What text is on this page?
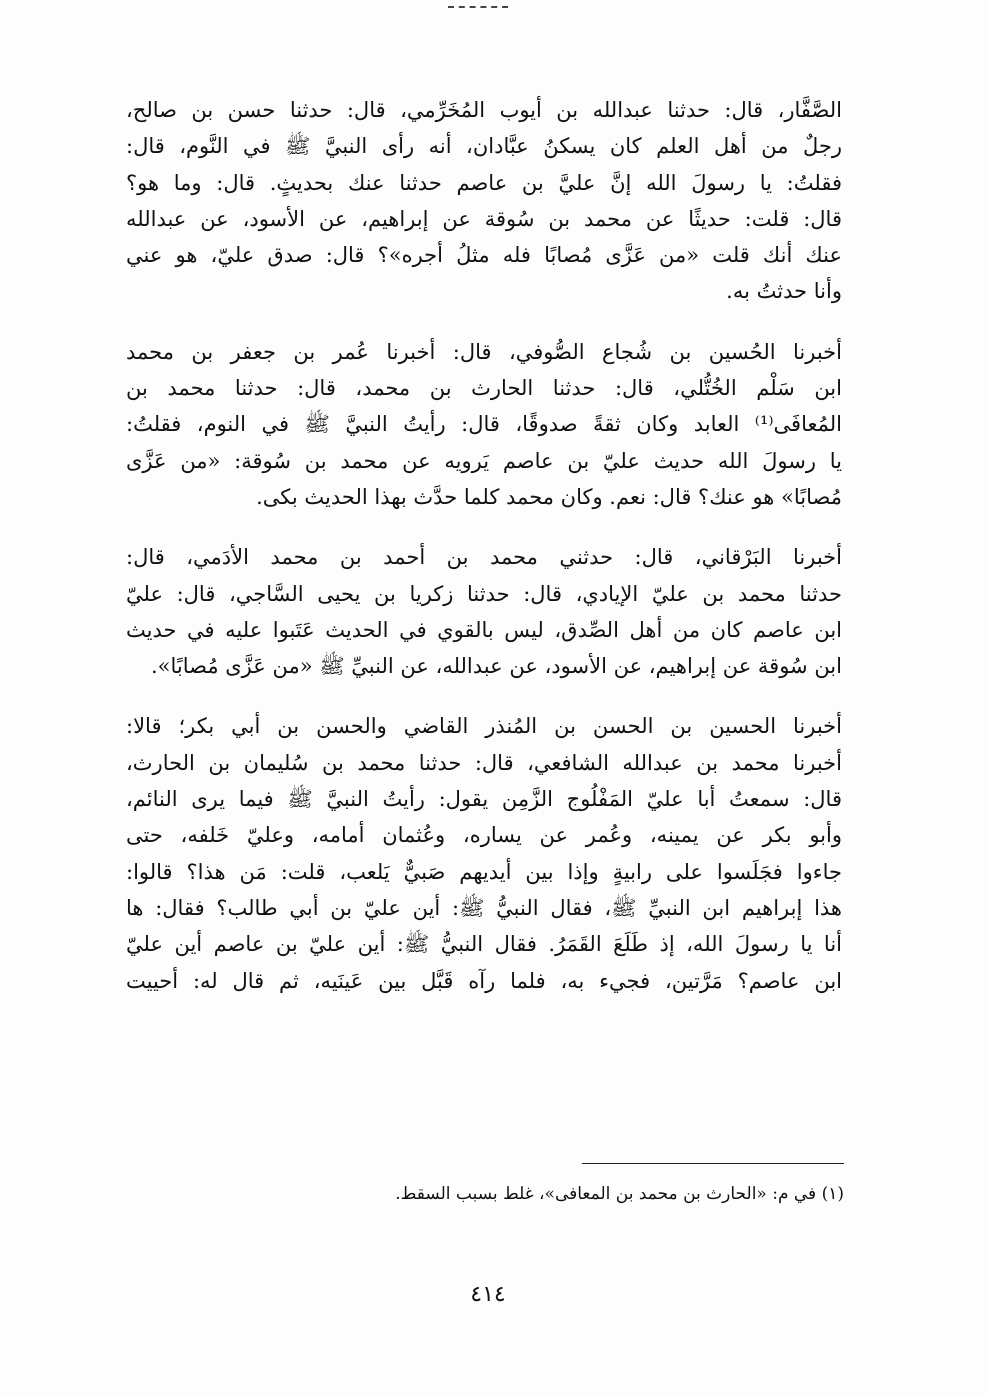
الصَّفَّار، قال: حدثنا عبدالله بن أيوب المُخَرِّمي، قال: حدثنا حسن بن صالح،
رجلٌ من أهل العلم كان يسكنُ عبَّادان، أنه رأى النبيَّ ﷺ في النَّوم، قال:
فقلتُ: يا رسولَ الله إنَّ عليَّ بن عاصم حدثنا عنك بحديثٍ. قال: وما هو؟
قال: قلت: حديثًا عن محمد بن سُوقة عن إبراهيم، عن الأسود، عن عبدالله
عنك أنك قلت «من عَزَّى مُصابًا فله مثلُ أجره»؟ قال: صدق عليّ، هو عني
وأنا حدثتُ به.
أخبرنا الحُسين بن شُجاع الصُّوفي، قال: أخبرنا عُمر بن جعفر بن محمد
ابن سَلْم الخُتُّلي، قال: حدثنا الحارث بن محمد، قال: حدثنا محمد بن
المُعافَى⁽¹⁾ العابد وكان ثقةً صدوقًا، قال: رأيتُ النبيَّ ﷺ في النوم، فقلتُ:
يا رسولَ الله حديث عليّ بن عاصم يَرويه عن محمد بن سُوقة: «من عَزَّى
مُصابًا» هو عنك؟ قال: نعم. وكان محمد كلما حدَّث بهذا الحديث بكى.
أخبرنا البَرْقاني، قال: حدثني محمد بن أحمد بن محمد الأدَمي، قال:
حدثنا محمد بن عليّ الإيادي، قال: حدثنا زكريا بن يحيى السَّاجي، قال: عليّ
ابن عاصم كان من أهل الصِّدق، ليس بالقوي في الحديث عَتَبوا عليه في حديث
ابن سُوقة عن إبراهيم، عن الأسود، عن عبدالله، عن النبيِّ ﷺ «من عَزَّى مُصابًا».
أخبرنا الحسين بن الحسن بن المُنذر القاضي والحسن بن أبي بكر؛ قالا:
أخبرنا محمد بن عبدالله الشافعي، قال: حدثنا محمد بن سُليمان بن الحارث،
قال: سمعتُ أبا عليّ المَفْلُوج الزَّمِن يقول: رأيتُ النبيَّ ﷺ فيما يرى النائم،
وأبو بكر عن يمينه، وعُمر عن يساره، وعُثمان أمامه، وعليّ خَلفه، حتى
جاءوا فجَلَسوا على رابيةٍ وإذا بين أيديهم صَبيٌّ يَلعب، قلت: مَن هذا؟ قالوا:
هذا إبراهيم ابن النبيِّ ﷺ، فقال النبيُّ ﷺ: أين عليّ بن أبي طالب؟ فقال: ها
أنا يا رسولَ الله، إذ طَلَعَ القَمَرُ. فقال النبيُّ ﷺ: أين عليّ بن عاصم أين عليّ
ابن عاصم؟ مَرَّتين، فجيء به، فلما رآه قَبَّل بين عَينَيه، ثم قال له: أحييت
(١) في م: «الحارث بن محمد بن المعافى»، غلط بسبب السقط.
٤١٤
